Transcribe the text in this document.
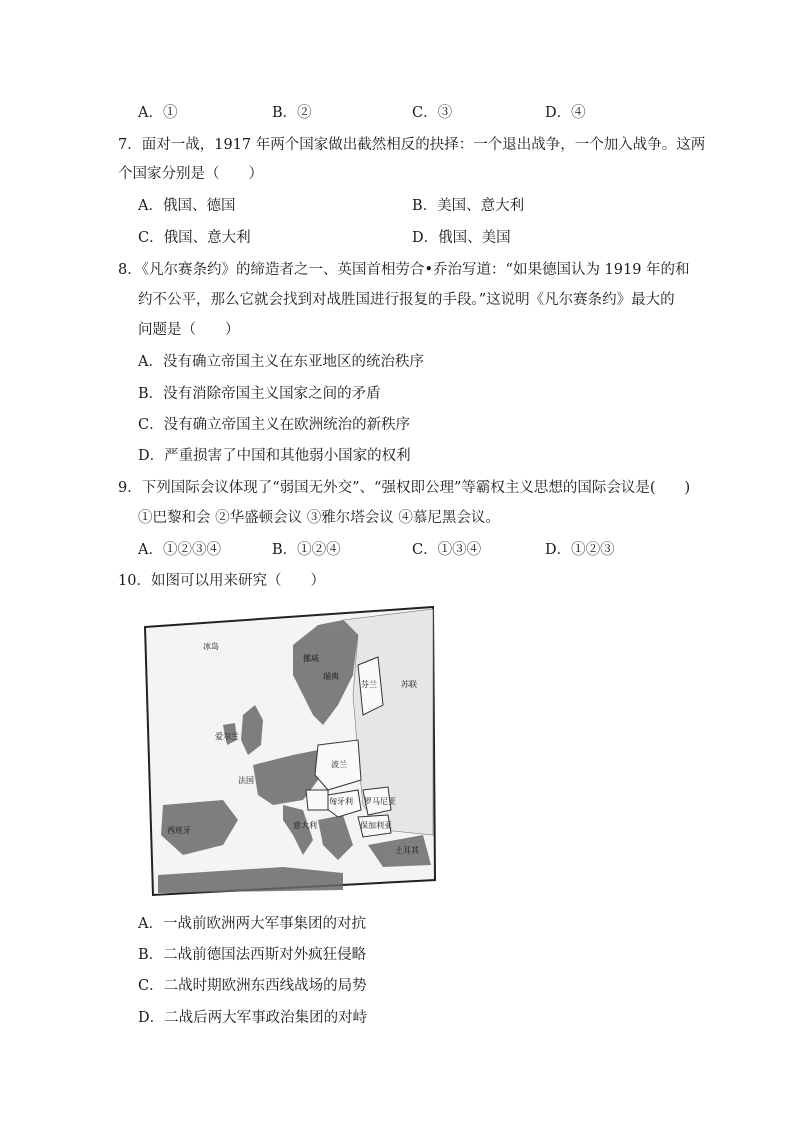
A．①	B．②	C．③	D．④
7．面对一战，1917 年两个国家做出截然相反的抉择：一个退出战争，一个加入战争。这两
个国家分别是（　　）
A．俄国、德国	B．美国、意大利
C．俄国、意大利	D．俄国、美国
8．《凡尔赛条约》的缔造者之一、英国首相劳合•乔治写道：“如果德国认为 1919 年的和
约不公平，那么它就会找到对战胜国进行报复的手段。”这说明《凡尔赛条约》最大的
问题是（　　）
A．没有确立帝国主义在东亚地区的统治秩序
B．没有消除帝国主义国家之间的矛盾
C．没有确立帝国主义在欧洲统治的新秩序
D．严重损害了中国和其他弱小国家的权利
9．下列国际会议体现了“弱国无外交”、“强权即公理”等霸权主义思想的国际会议是(　　)
①巴黎和会 ②华盛顿会议 ③雅尔塔会议 ④慕尼黑会议。
A．①②③④	B．①②④	C．①③④	D．①②③
10．如图可以用来研究（　　）
苏联
波兰
罗马尼亚
保加利亚
匈牙利
土耳其
西班牙
法国
意大利
瑞典
挪威
芬兰
爱尔兰
冰岛
A．一战前欧洲两大军事集团的对抗
B．二战前德国法西斯对外疯狂侵略
C．二战时期欧洲东西线战场的局势
D．二战后两大军事政治集团的对峙
